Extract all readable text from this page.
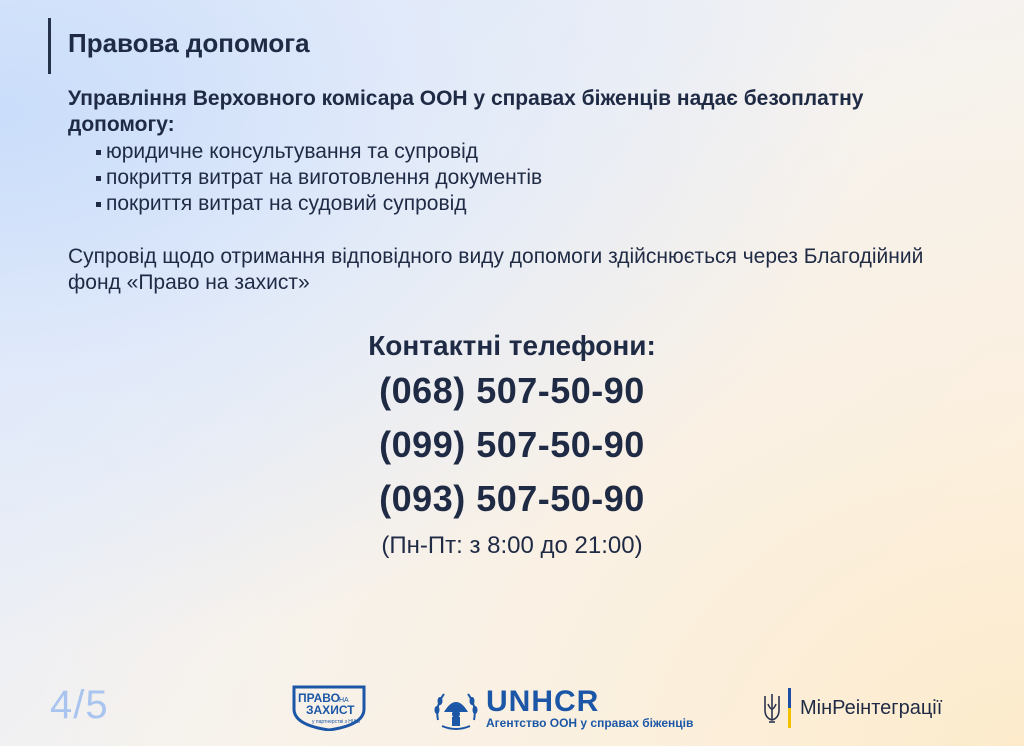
Правова допомога
Управління Верховного комісара ООН у справах біженців надає безоплатну допомогу:
юридичне консультування та супровід
покриття витрат на виготовлення документів
покриття витрат на судовий супровід
Супровід щодо отримання відповідного виду допомоги здійснюється через Благодійний фонд «Право на захист»
Контактні телефони:
(068) 507-50-90
(099) 507-50-90
(093) 507-50-90
(Пн-Пт: з 8:00 до 21:00)
4/5	ПРАВО НА
ЗАХИСТ
у партнерстві з HIAS
UNHCR
Агентство ООН у справах біженців
МінРеінтеграції
